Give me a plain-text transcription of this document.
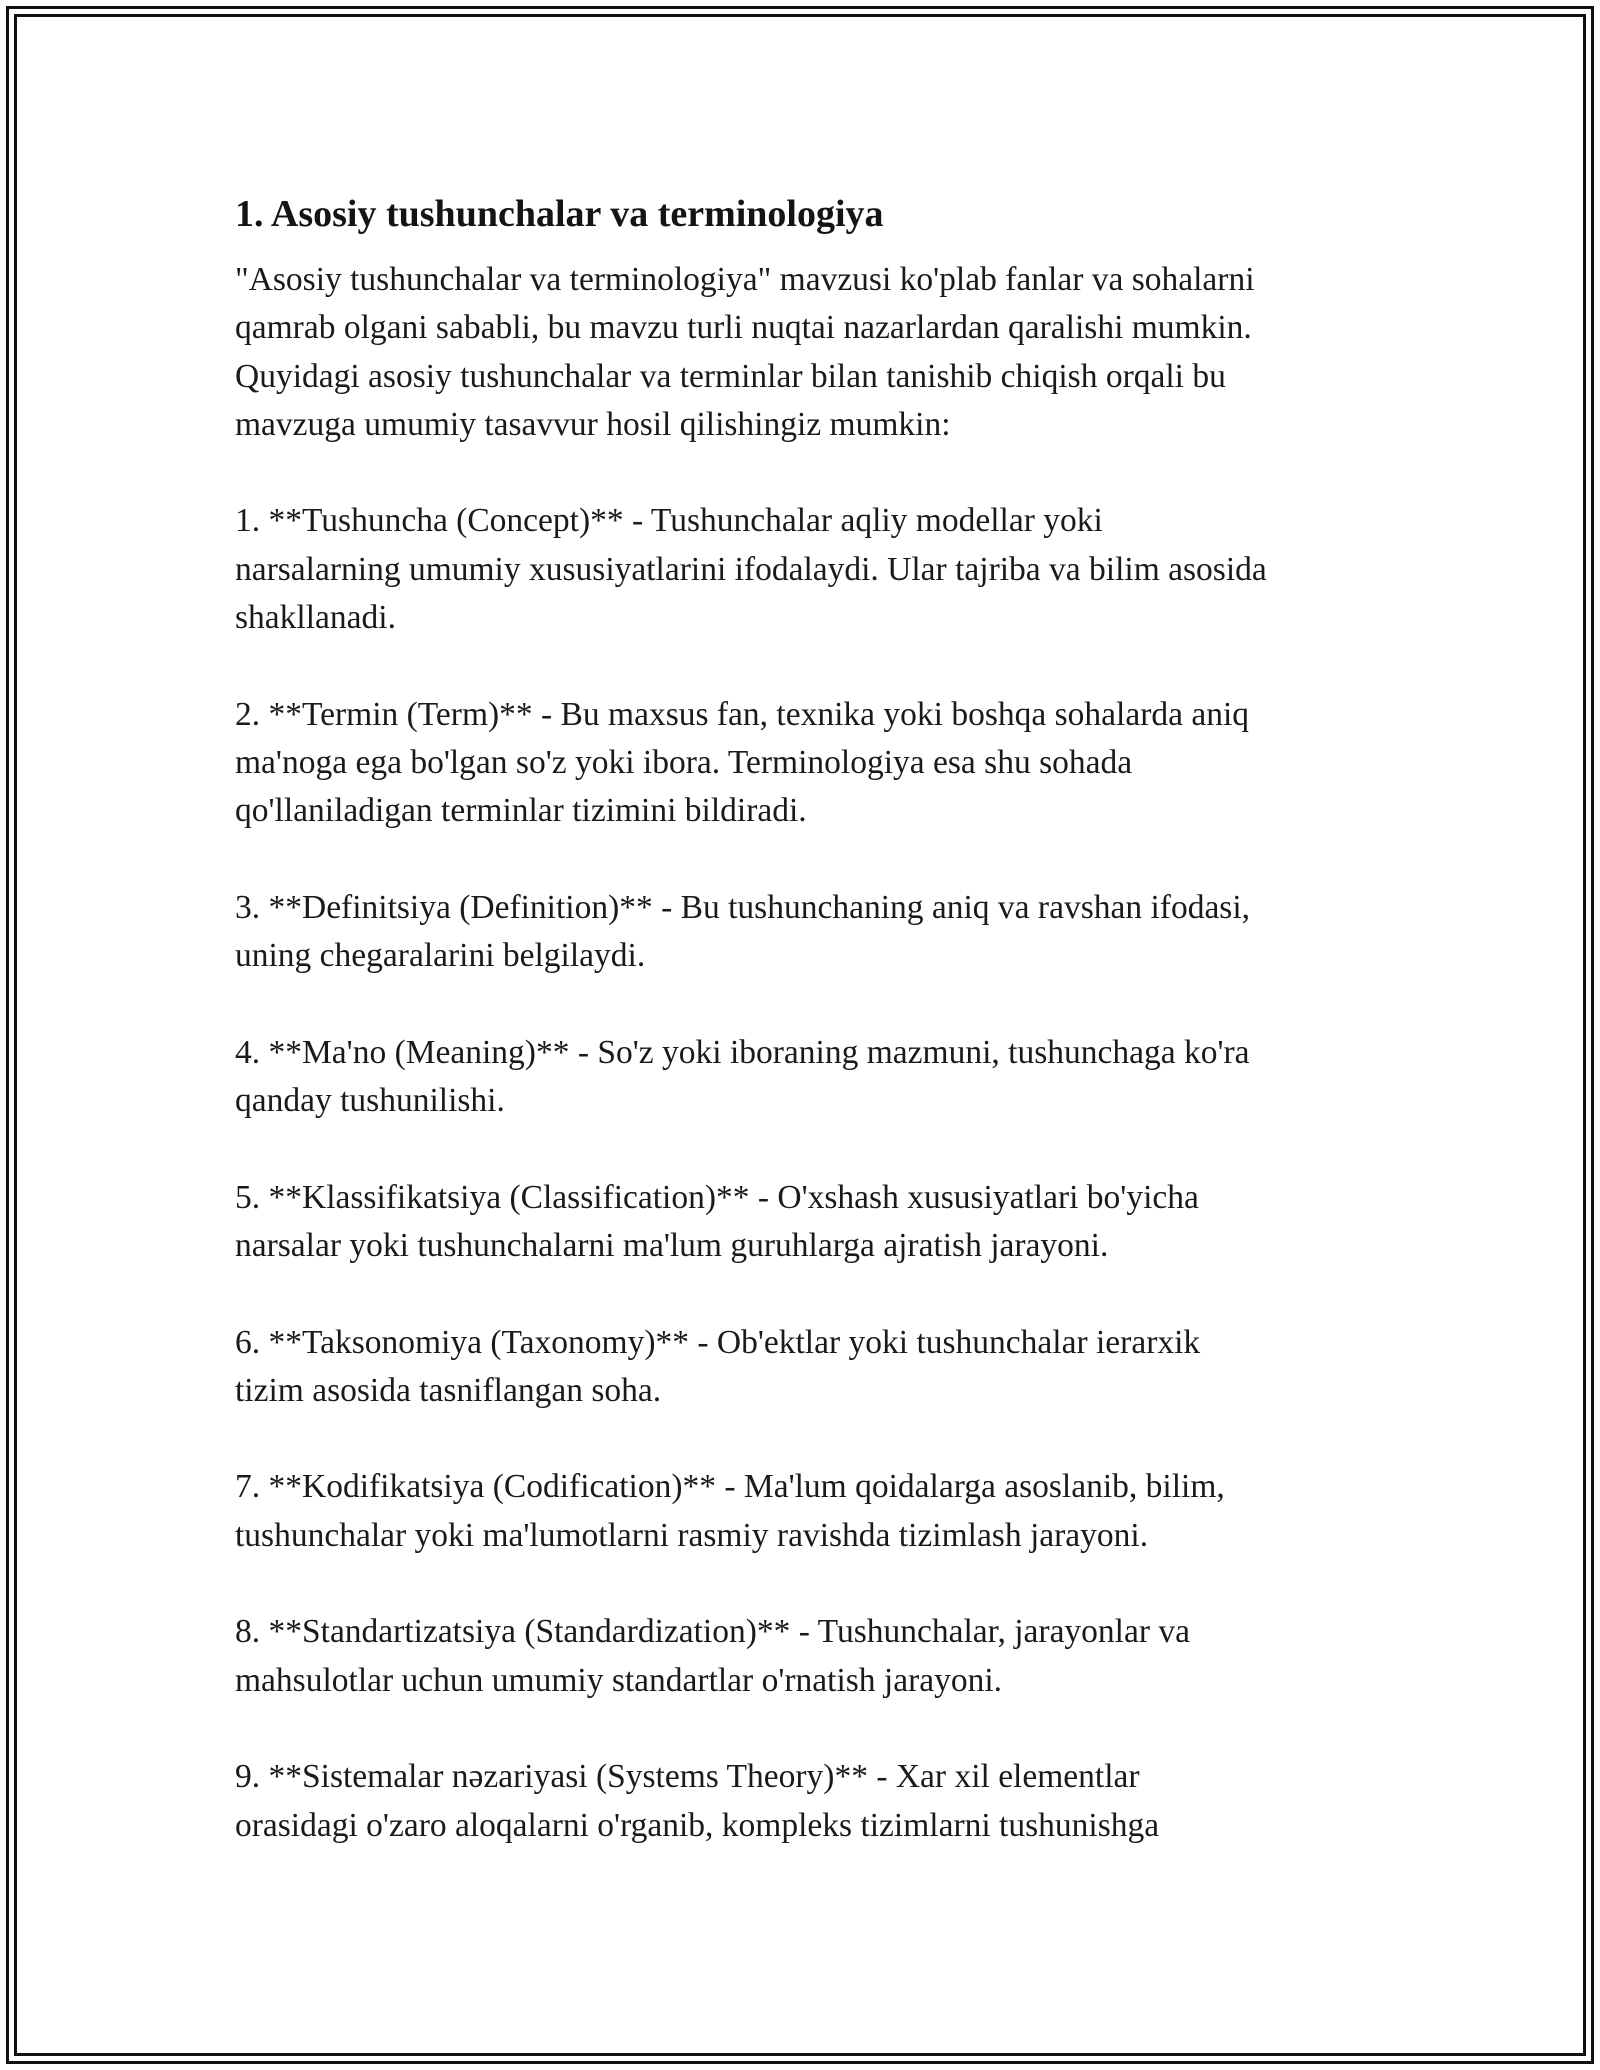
1. Asosiy tushunchalar va terminologiya

"Asosiy tushunchalar va terminologiya" mavzusi ko'plab fanlar va sohalarni
qamrab olgani sababli, bu mavzu turli nuqtai nazarlardan qaralishi mumkin.
Quyidagi asosiy tushunchalar va terminlar bilan tanishib chiqish orqali bu
mavzuga umumiy tasavvur hosil qilishingiz mumkin:

1. **Tushuncha (Concept)** - Tushunchalar aqliy modellar yoki
narsalarning umumiy xususiyatlarini ifodalaydi. Ular tajriba va bilim asosida
shakllanadi.
2. **Termin (Term)** - Bu maxsus fan, texnika yoki boshqa sohalarda aniq
ma'noga ega bo'lgan so'z yoki ibora. Terminologiya esa shu sohada
qo'llaniladigan terminlar tizimini bildiradi.
3. **Definitsiya (Definition)** - Bu tushunchaning aniq va ravshan ifodasi,
uning chegaralarini belgilaydi.
4. **Ma'no (Meaning)** - So'z yoki iboraning mazmuni, tushunchaga ko'ra
qanday tushunilishi.
5. **Klassifikatsiya (Classification)** - O'xshash xususiyatlari bo'yicha
narsalar yoki tushunchalarni ma'lum guruhlarga ajratish jarayoni.
6. **Taksonomiya (Taxonomy)** - Ob'ektlar yoki tushunchalar ierarxik
tizim asosida tasniflangan soha.
7. **Kodifikatsiya (Codification)** - Ma'lum qoidalarga asoslanib, bilim,
tushunchalar yoki ma'lumotlarni rasmiy ravishda tizimlash jarayoni.
8. **Standartizatsiya (Standardization)** - Tushunchalar, jarayonlar va
mahsulotlar uchun umumiy standartlar o'rnatish jarayoni.
9. **Sistemalar nəzariyasi (Systems Theory)** - Xar xil elementlar
orasidagi o'zaro aloqalarni o'rganib, kompleks tizimlarni tushunishga
